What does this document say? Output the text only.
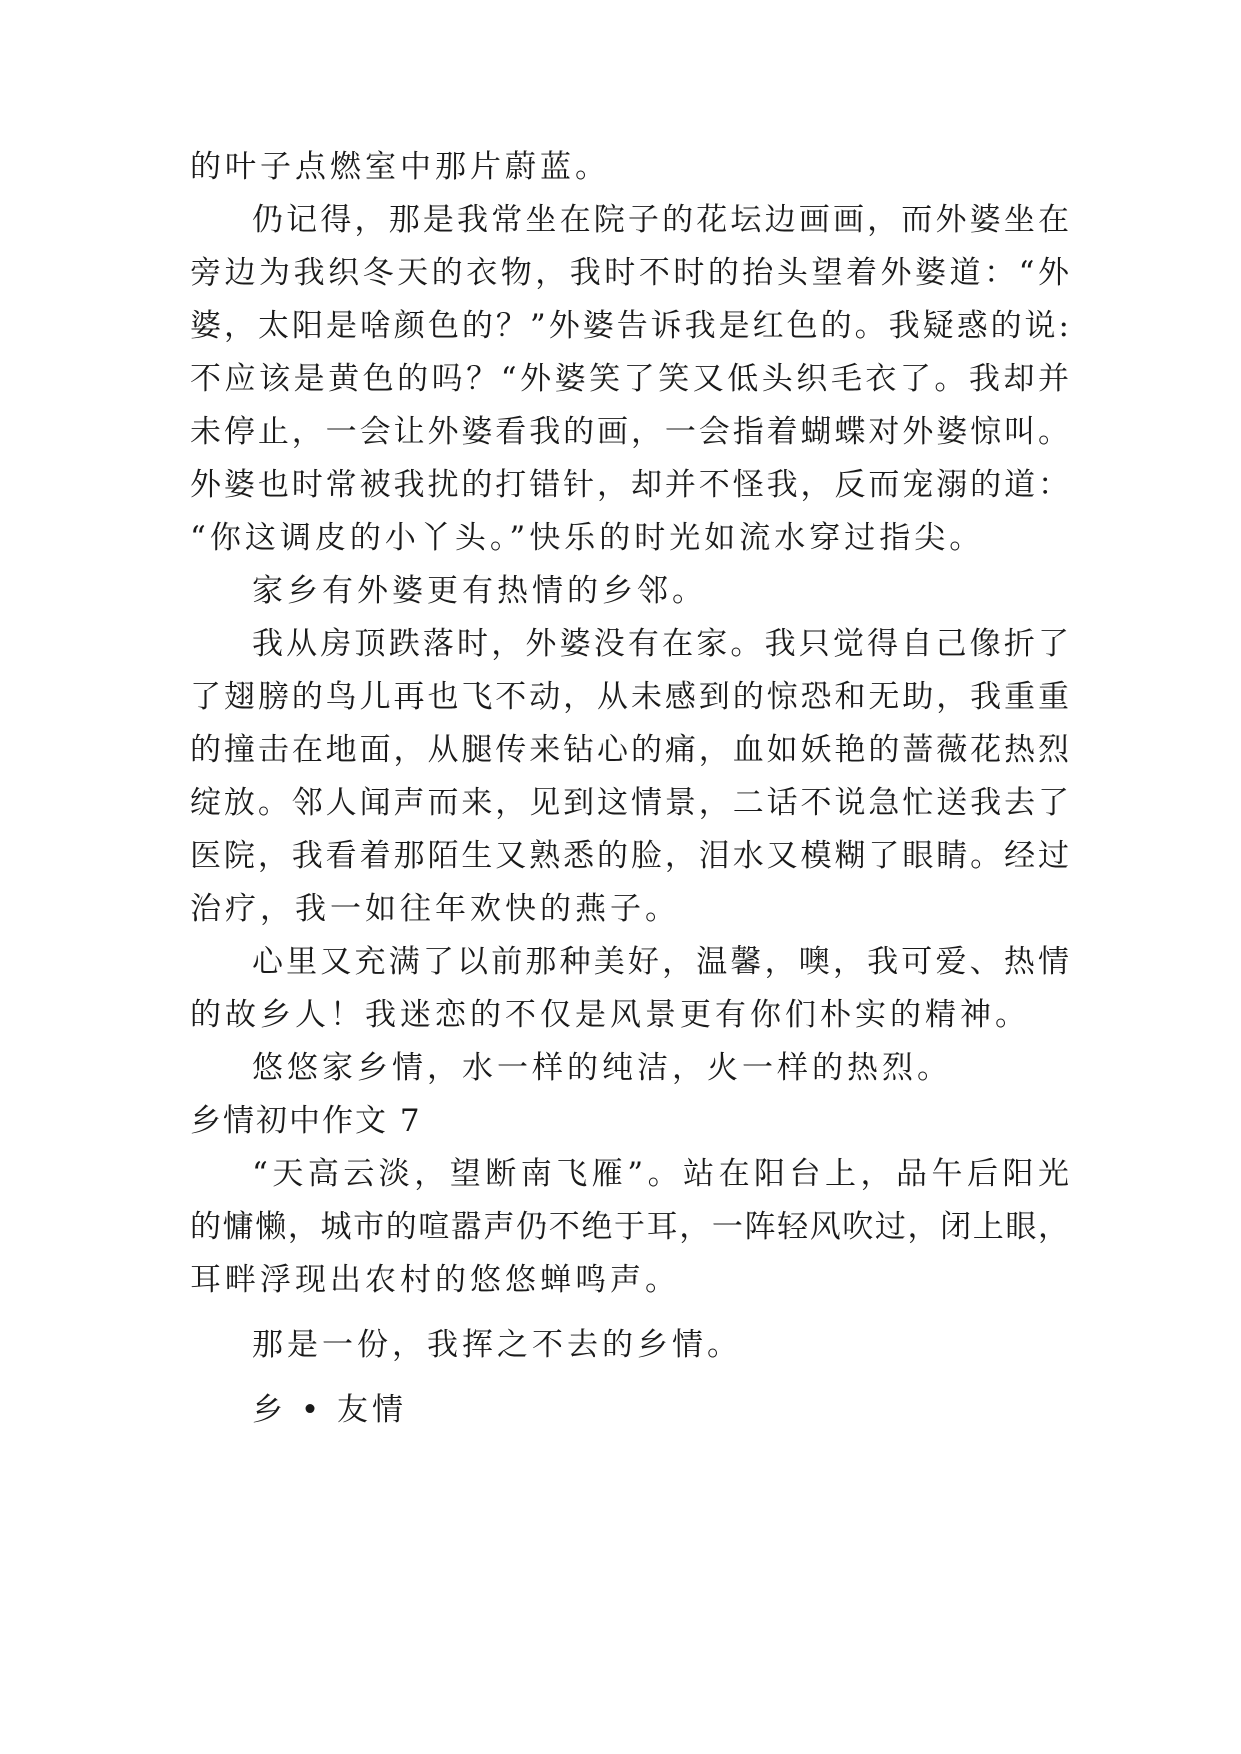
的叶子点燃室中那片蔚蓝。
仍记得，那是我常坐在院子的花坛边画画，而外婆坐在
旁边为我织冬天的衣物，我时不时的抬头望着外婆道：“外
婆，太阳是啥颜色的？”外婆告诉我是红色的。我疑惑的说:
不应该是黄色的吗？“外婆笑了笑又低头织毛衣了。我却并
未停止，一会让外婆看我的画，一会指着蝴蝶对外婆惊叫。
外婆也时常被我扰的打错针，却并不怪我，反而宠溺的道：
“你这调皮的小丫头。”快乐的时光如流水穿过指尖。
家乡有外婆更有热情的乡邻。
我从房顶跌落时，外婆没有在家。我只觉得自己像折了
了翅膀的鸟儿再也飞不动，从未感到的惊恐和无助，我重重
的撞击在地面，从腿传来钻心的痛，血如妖艳的蔷薇花热烈
绽放。邻人闻声而来，见到这情景，二话不说急忙送我去了
医院，我看着那陌生又熟悉的脸，泪水又模糊了眼睛。经过
治疗，我一如往年欢快的燕子。
心里又充满了以前那种美好，温馨，噢，我可爱、热情
的故乡人！我迷恋的不仅是风景更有你们朴实的精神。
悠悠家乡情，水一样的纯洁，火一样的热烈。
乡情初中作文 7
“天高云淡，望断南飞雁”。站在阳台上，品午后阳光
的慵懒，城市的喧嚣声仍不绝于耳，一阵轻风吹过，闭上眼，
耳畔浮现出农村的悠悠蝉鸣声。
那是一份，我挥之不去的乡情。
乡 • 友情
